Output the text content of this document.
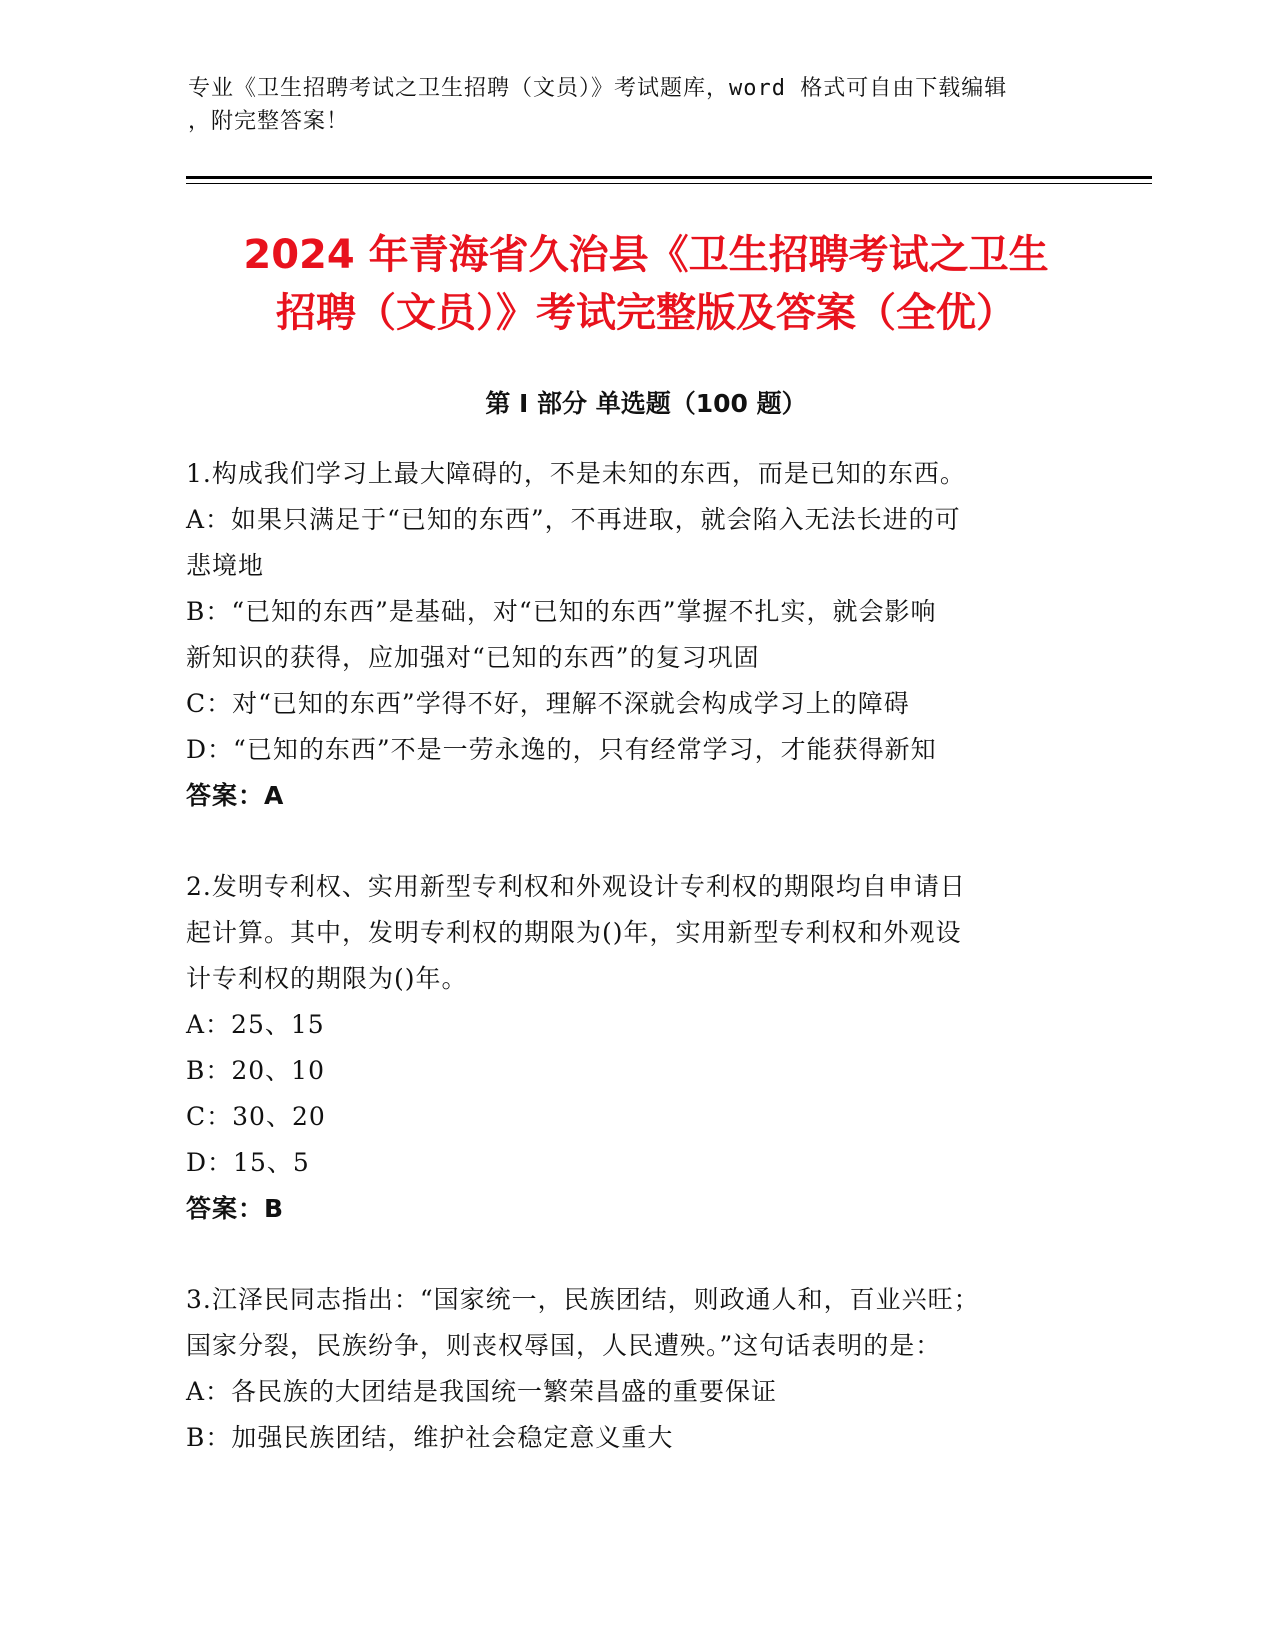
专业《卫生招聘考试之卫生招聘（文员）》考试题库，word 格式可自由下载编辑
，附完整答案！
2024 年青海省久治县《卫生招聘考试之卫生
招聘（文员）》考试完整版及答案（全优）
第 I 部分 单选题（100 题）
1.构成我们学习上最大障碍的，不是未知的东西，而是已知的东西。
A：如果只满足于“已知的东西”，不再进取，就会陷入无法长进的可
悲境地
B：“已知的东西”是基础，对“已知的东西”掌握不扎实，就会影响
新知识的获得，应加强对“已知的东西”的复习巩固
C：对“已知的东西”学得不好，理解不深就会构成学习上的障碍
D：“已知的东西”不是一劳永逸的，只有经常学习，才能获得新知
答案：A
2.发明专利权、实用新型专利权和外观设计专利权的期限均自申请日
起计算。其中，发明专利权的期限为()年，实用新型专利权和外观设
计专利权的期限为()年。
A：25、15
B：20、10
C：30、20
D：15、5
答案：B
3.江泽民同志指出：“国家统一，民族团结，则政通人和，百业兴旺；
国家分裂，民族纷争，则丧权辱国，人民遭殃。”这句话表明的是：
A：各民族的大团结是我国统一繁荣昌盛的重要保证
B：加强民族团结，维护社会稳定意义重大
